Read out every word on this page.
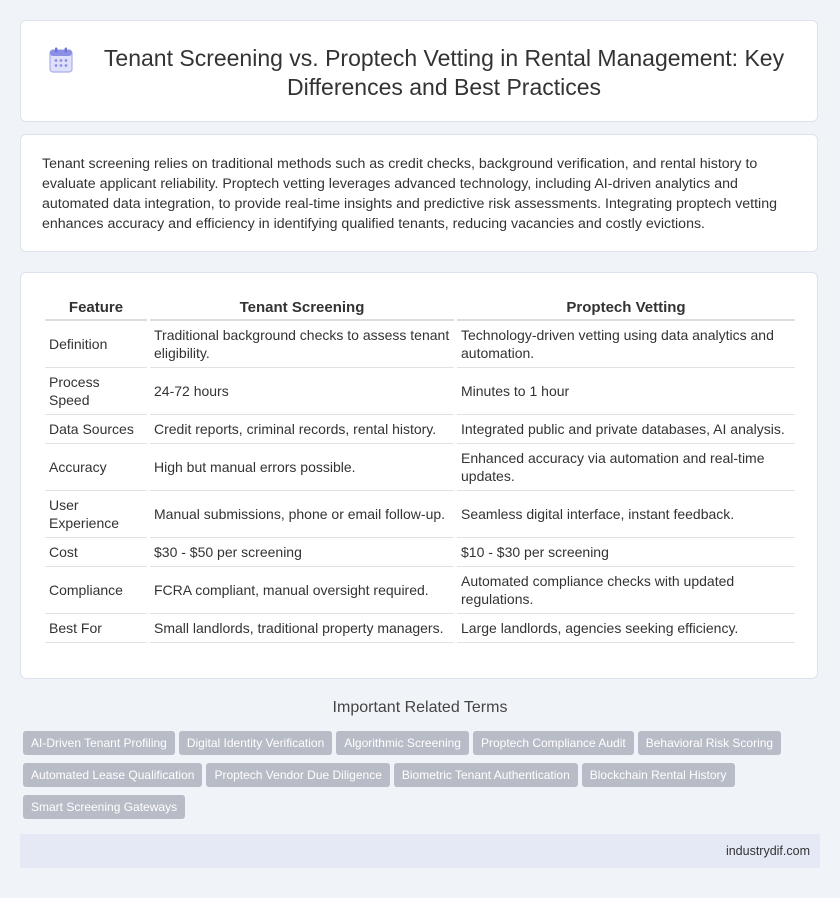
Tenant Screening vs. Proptech Vetting in Rental Management: Key Differences and Best Practices
Tenant screening relies on traditional methods such as credit checks, background verification, and rental history to evaluate applicant reliability. Proptech vetting leverages advanced technology, including AI-driven analytics and automated data integration, to provide real-time insights and predictive risk assessments. Integrating proptech vetting enhances accuracy and efficiency in identifying qualified tenants, reducing vacancies and costly evictions.
Feature	Tenant Screening	Proptech Vetting
Definition	Traditional background checks to assess tenant eligibility.	Technology-driven vetting using data analytics and automation.
Process Speed	24-72 hours	Minutes to 1 hour
Data Sources	Credit reports, criminal records, rental history.	Integrated public and private databases, AI analysis.
Accuracy	High but manual errors possible.	Enhanced accuracy via automation and real-time updates.
User Experience	Manual submissions, phone or email follow-up.	Seamless digital interface, instant feedback.
Cost	$30 - $50 per screening	$10 - $30 per screening
Compliance	FCRA compliant, manual oversight required.	Automated compliance checks with updated regulations.
Best For	Small landlords, traditional property managers.	Large landlords, agencies seeking efficiency.
Important Related Terms
AI-Driven Tenant Profiling Digital Identity Verification Algorithmic Screening Proptech Compliance Audit Behavioral Risk ScoringAutomated Lease Qualification Proptech Vendor Due Diligence Biometric Tenant Authentication Blockchain Rental HistorySmart Screening Gateways
industrydif.com
